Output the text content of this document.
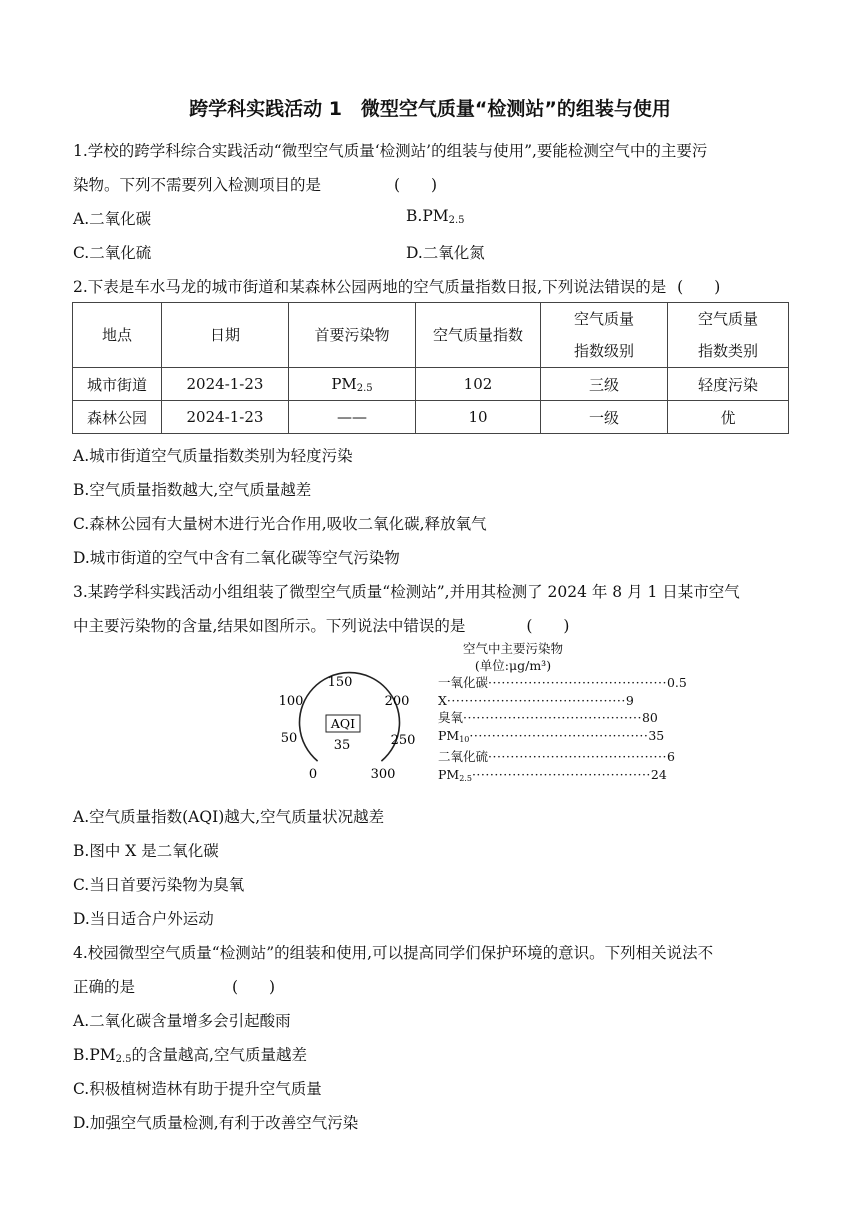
跨学科实践活动 1　微型空气质量“检测站”的组装与使用
1.学校的跨学科综合实践活动“微型空气质量‘检测站’的组装与使用”,要能检测空气中的主要污
染物。下列不需要列入检测项目的是	(　　)
A.二氧化碳	$B.PM_{2.5}$
C.二氧化硫	D.二氧化氮
2.下表是车水马龙的城市街道和某森林公园两地的空气质量指数日报,下列说法错误的是 (　　)
地点	日期	首要污染物	空气质量指数	空气质量指数级别	空气质量指数类别

城市街道	2024-1-23	$PM_{2.5}$	102	三级	轻度污染
森林公园	2024-1-23	——	10	一级	优
A.城市街道空气质量指数类别为轻度污染
B.空气质量指数越大,空气质量越差
C.森林公园有大量树木进行光合作用,吸收二氧化碳,释放氧气
D.城市街道的空气中含有二氧化碳等空气污染物
3.某跨学科实践活动小组组装了微型空气质量“检测站”,并用其检测了 2024 年 8 月 1 日某市空气
中主要污染物的含量,结果如图所示。下列说法中错误的是	(　　)
0
50
100
150
200
250
300
AQI
35
空气中主要污染物
(单位:μg/m³)
一氧化碳 ········································ 0.5
X ········································ 9
臭氧 ········································ 80
$PM_{10}$ ········································ 35
二氧化硫 ········································ 6
$PM_{2.5}$ ········································ 24
A.空气质量指数(AQI)越大,空气质量状况越差
B.图中 X 是二氧化碳
C.当日首要污染物为臭氧
D.当日适合户外运动
4.校园微型空气质量“检测站”的组装和使用,可以提高同学们保护环境的意识。下列相关说法不
正确的是	(　　)
A.二氧化碳含量增多会引起酸雨
$B.PM_{2.5}$的含量越高,空气质量越差
C.积极植树造林有助于提升空气质量
D.加强空气质量检测,有利于改善空气污染
